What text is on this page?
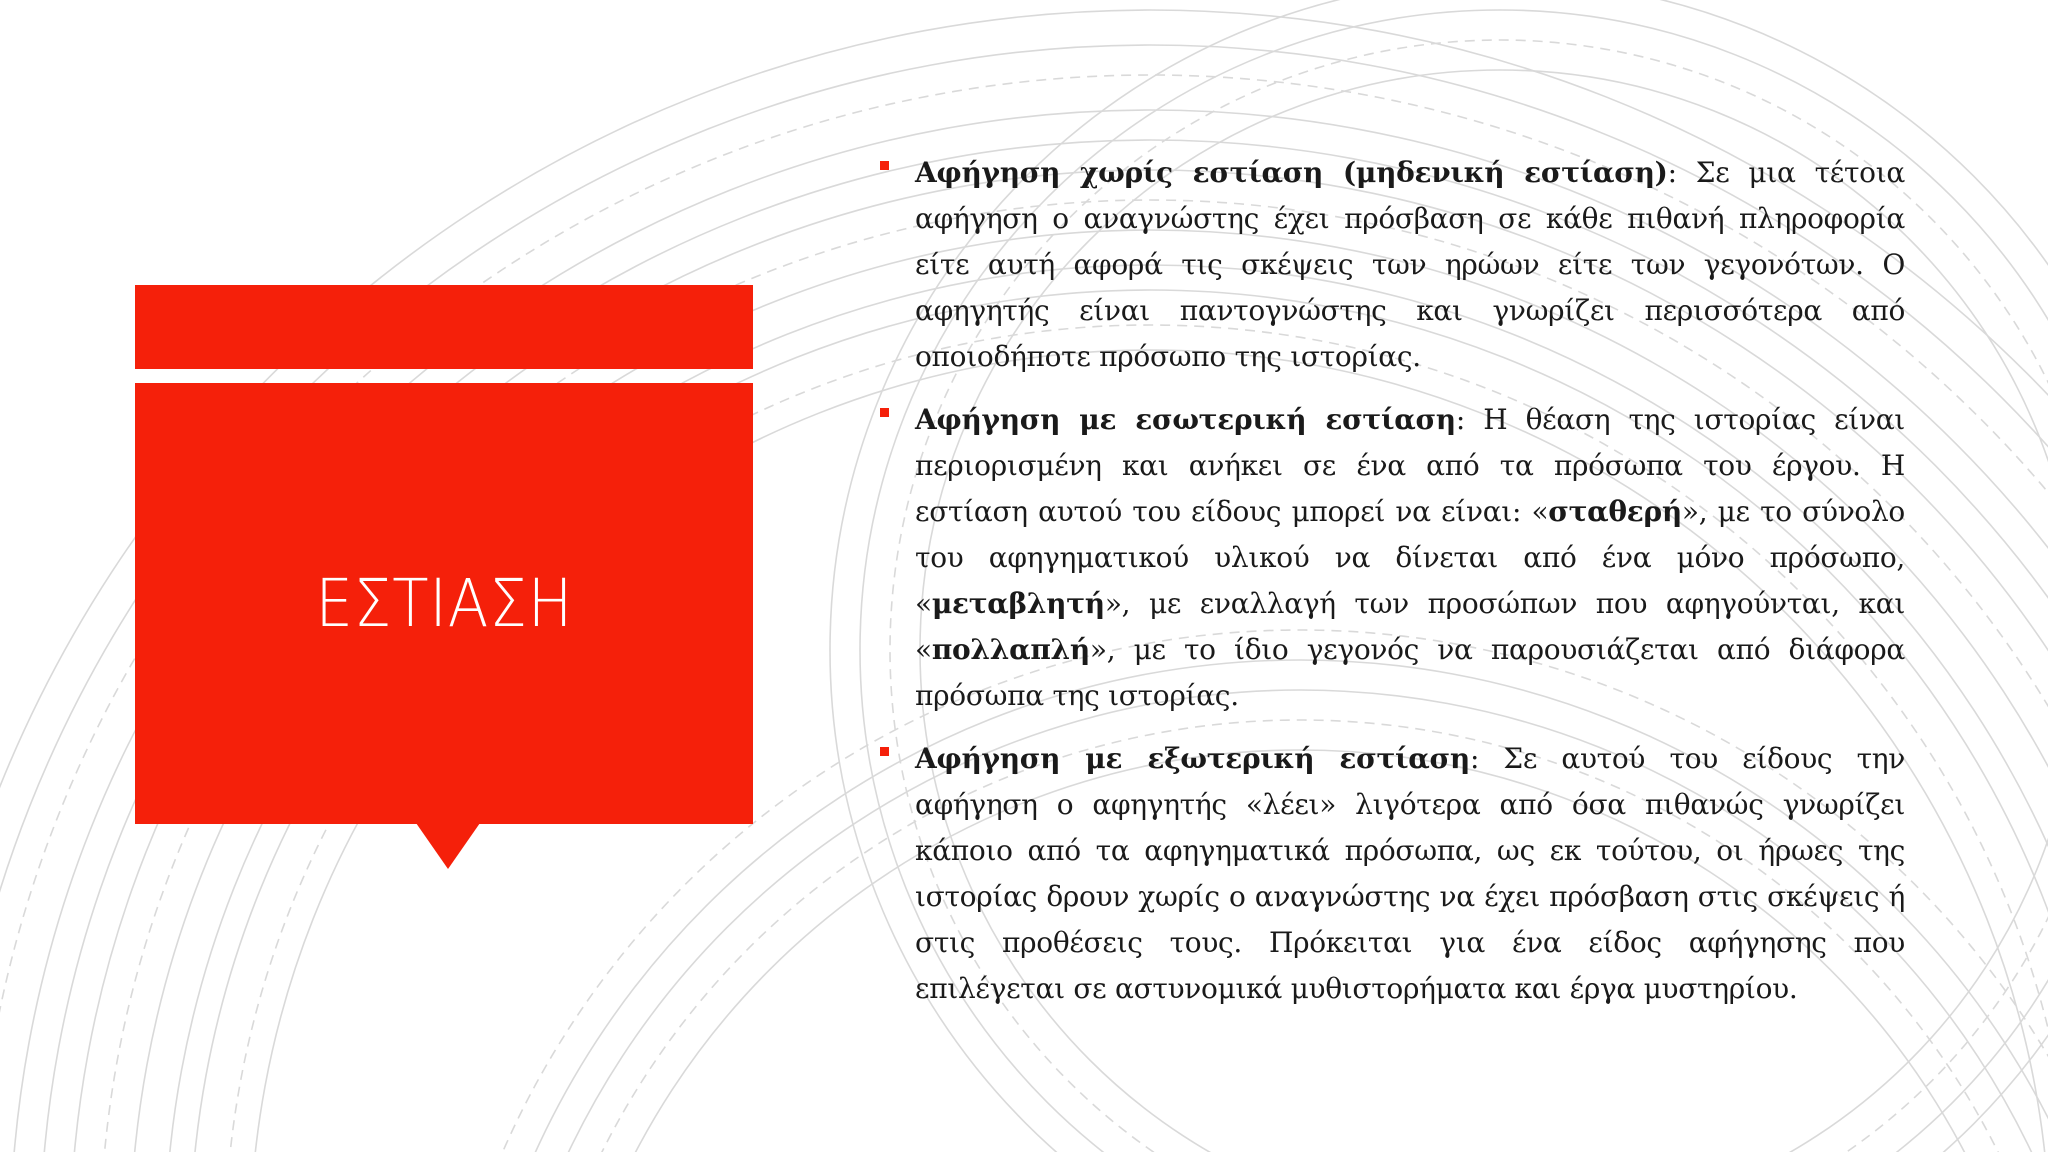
ΕΣΤΙΑΣΗ
Αφήγηση χωρίς εστίαση (μηδενική εστίαση): Σε μια τέτοια αφήγηση ο αναγνώστης έχει πρόσβαση σε κάθε πιθανή πληροφορία είτε αυτή αφορά τις σκέψεις των ηρώων είτε των γεγονότων. Ο αφηγητής είναι παντογνώστης και γνωρίζει περισσότερα από οποιοδήποτε πρόσωπο της ιστορίας.
Αφήγηση με εσωτερική εστίαση: Η θέαση της ιστορίας είναι περιορισμένη και ανήκει σε ένα από τα πρόσωπα του έργου. Η εστίαση αυτού του είδους μπορεί να είναι: «σταθερή», με το σύνολο του αφηγηματικού υλικού να δίνεται από ένα μόνο πρόσωπο, «μεταβλητή», με εναλλαγή των προσώπων που αφηγούνται, και «πολλαπλή», με το ίδιο γεγονός να παρουσιάζεται από διάφορα πρόσωπα της ιστορίας.
Αφήγηση με εξωτερική εστίαση: Σε αυτού του είδους την αφήγηση ο αφηγητής «λέει» λιγότερα από όσα πιθανώς γνωρίζει κάποιο από τα αφηγηματικά πρόσωπα, ως εκ τούτου, οι ήρωες της ιστορίας δρουν χωρίς ο αναγνώστης να έχει πρόσβαση στις σκέψεις ή στις προθέσεις τους. Πρόκειται για ένα είδος αφήγησης που επιλέγεται σε αστυνομικά μυθιστορήματα και έργα μυστηρίου.
